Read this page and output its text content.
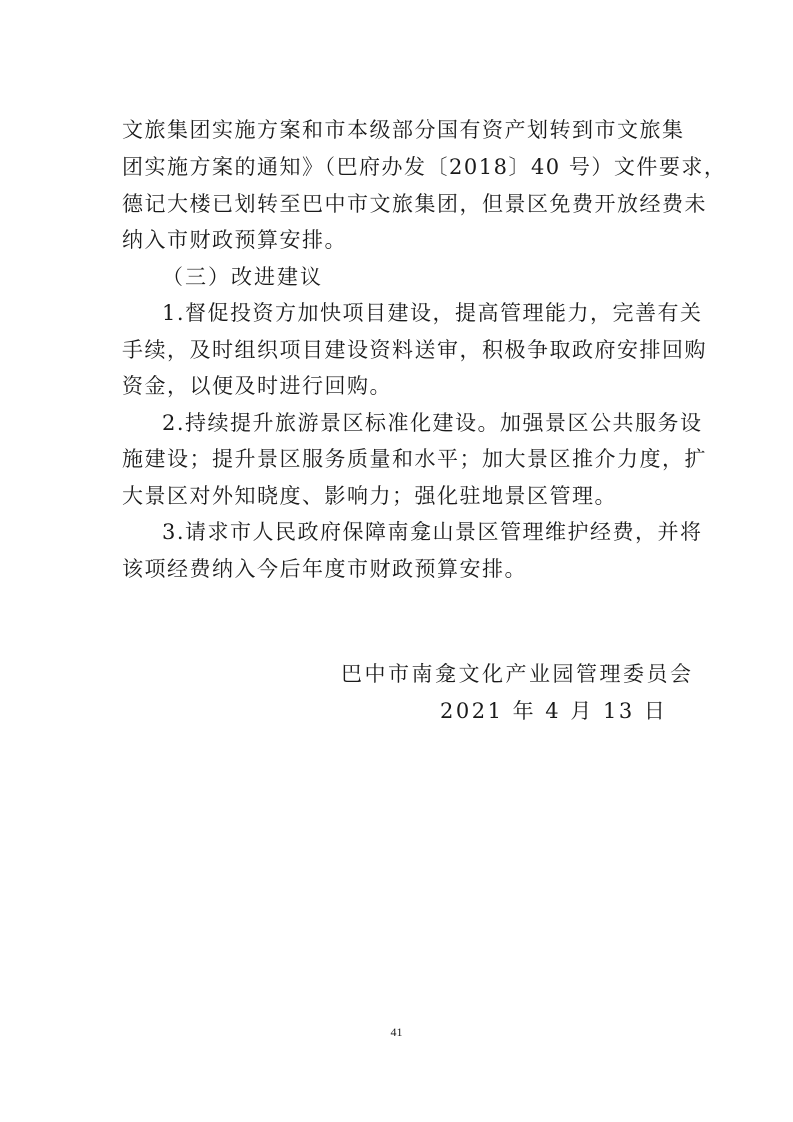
文旅集团实施方案和市本级部分国有资产划转到市文旅集
团实施方案的通知》（巴府办发〔2018〕40 号）文件要求，
德记大楼已划转至巴中市文旅集团，但景区免费开放经费未
纳入市财政预算安排。
（三）改进建议
1.督促投资方加快项目建设，提高管理能力，完善有关
手续，及时组织项目建设资料送审，积极争取政府安排回购
资金，以便及时进行回购。
2.持续提升旅游景区标准化建设。加强景区公共服务设
施建设；提升景区服务质量和水平；加大景区推介力度，扩
大景区对外知晓度、影响力；强化驻地景区管理。
3.请求市人民政府保障南龛山景区管理维护经费，并将
该项经费纳入今后年度市财政预算安排。
巴中市南龛文化产业园管理委员会
2021 年 4 月 13 日
41
